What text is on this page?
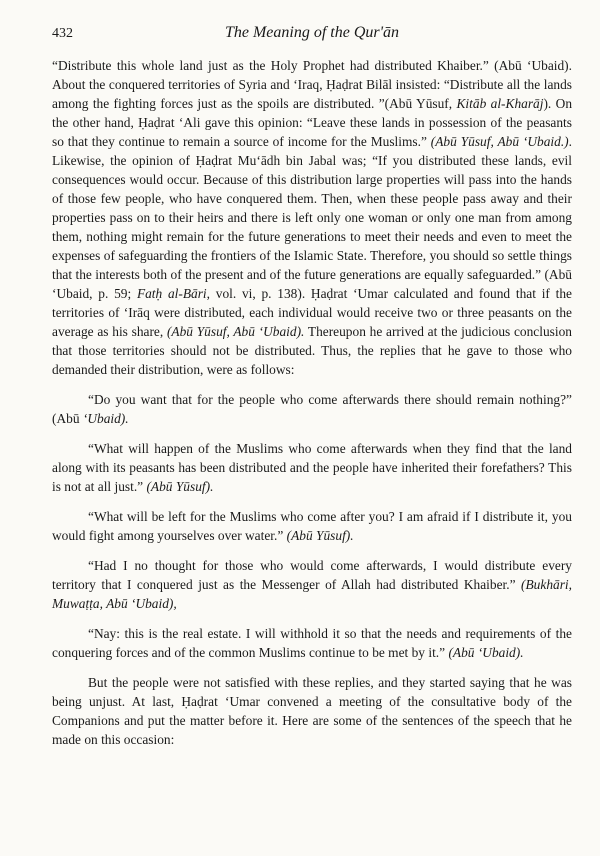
432	The Meaning of the Qur'ān

“Distribute this whole land just as the Holy Prophet had distributed Khaiber.” (Abū ‘Ubaid). About the conquered territories of Syria and ‘Iraq, Ḥaḍrat Bilāl insisted: “Distribute all the lands among the fighting forces just as the spoils are distributed. ”(Abū Yūsuf, Kitāb al-Kharāj). On the other hand, Ḥaḍrat ‘Ali gave this opinion: “Leave these lands in possession of the peasants so that they continue to remain a source of income for the Muslims.” (Abū Yūsuf, Abū ‘Ubaid.). Likewise, the opinion of Ḥaḍrat Mu‘ādh bin Jabal was; “If you distributed these lands, evil consequences would occur. Because of this distribution large properties will pass into the hands of those few people, who have conquered them. Then, when these people pass away and their properties pass on to their heirs and there is left only one woman or only one man from among them, nothing might remain for the future generations to meet their needs and even to meet the expenses of safeguarding the frontiers of the Islamic State. Therefore, you should so settle things that the interests both of the present and of the future generations are equally safeguarded.” (Abū ‘Ubaid, p. 59; Fatḥ al-Bāri, vol. vi, p. 138). Ḥaḍrat ‘Umar calculated and found that if the territories of ‘Irāq were distributed, each individual would receive two or three peasants on the average as his share, (Abū Yūsuf, Abū ‘Ubaid). Thereupon he arrived at the judicious conclusion that those territories should not be distributed. Thus, the replies that he gave to those who demanded their distribution, were as follows:

“Do you want that for the people who come afterwards there should remain nothing?” (Abū ‘Ubaid).

“What will happen of the Muslims who come afterwards when they find that the land along with its peasants has been distributed and the people have inherited their forefathers? This is not at all just.” (Abū Yūsuf).

“What will be left for the Muslims who come after you? I am afraid if I distribute it, you would fight among yourselves over water.” (Abū Yūsuf).

“Had I no thought for those who would come afterwards, I would distribute every territory that I conquered just as the Messenger of Allah had distributed Khaiber.” (Bukhāri, Muwaṭṭa, Abū ‘Ubaid),

“Nay: this is the real estate. I will withhold it so that the needs and requirements of the conquering forces and of the common Muslims continue to be met by it.” (Abū ‘Ubaid).

But the people were not satisfied with these replies, and they started saying that he was being unjust. At last, Ḥaḍrat ‘Umar convened a meeting of the consultative body of the Companions and put the matter before it. Here are some of the sentences of the speech that he made on this occasion:
